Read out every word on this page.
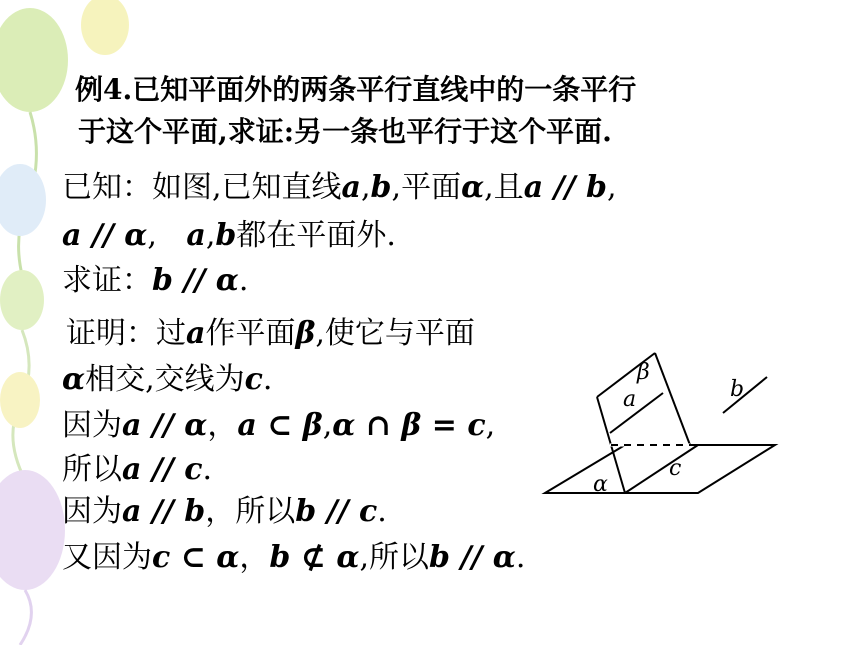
例4.已知平面外的两条平行直线中的一条平行
于这个平面,求证:另一条也平行于这个平面.
已知：如图,已知直线a,b,平面α,且a // b,
a // α, a,b都在平面外.
求证：b // α.
证明：过a作平面β,使它与平面
α相交,交线为c.
因为a // α，a ⊂ β,α ∩ β = c,
所以a // c.
因为a // b，所以b // c.
又因为c ⊂ α，b ⊄ α,所以b // α.
β
a	b
c
α
